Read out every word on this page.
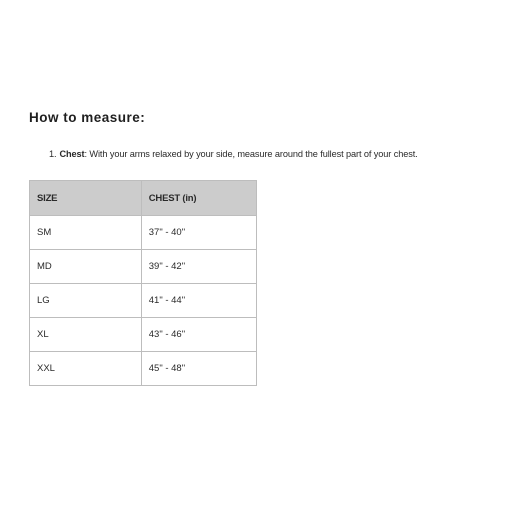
How to measure:
1. Chest: With your arms relaxed by your side, measure around the fullest part of your chest.
SIZE	CHEST (in)
SM	37" - 40"
MD	39" - 42"
LG	41" - 44"
XL	43" - 46"
XXL	45" - 48"
